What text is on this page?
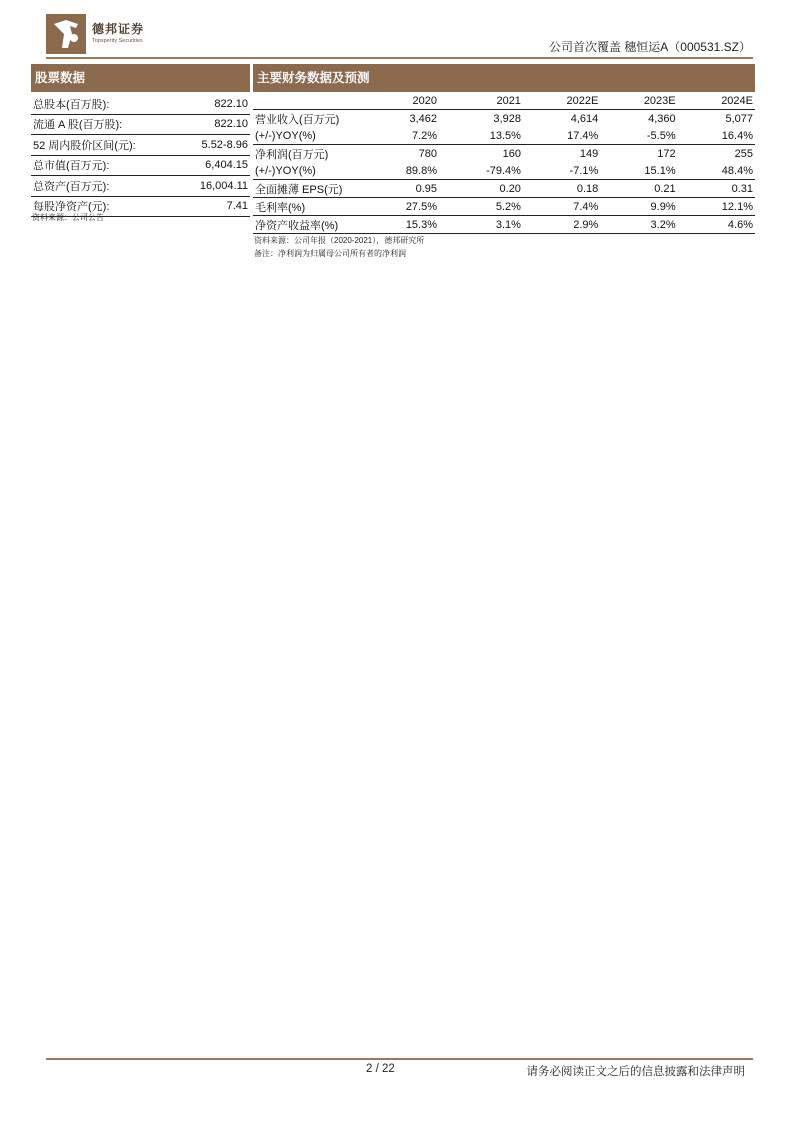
德邦证券
Topsperity Securities	公司首次覆盖 穗恒运A（000531.SZ）
股票数据	主要财务数据及预测
总股本(百万股):	822.10
流通 A 股(百万股):	822.10
52 周内股价区间(元):	5.52-8.96
总市值(百万元):	6,404.15
总资产(百万元):	16,004.11
每股净资产(元):	7.41
资料来源：公司公告
	2020	2021	2022E	2023E	2024E
营业收入(百万元)	3,462	3,928	4,614	4,360	5,077
(+/-)YOY(%)	7.2%	13.5%	17.4%	-5.5%	16.4%
净利润(百万元)	780	160	149	172	255
(+/-)YOY(%)	89.8%	-79.4%	-7.1%	15.1%	48.4%
全面摊薄 EPS(元)	0.95	0.20	0.18	0.21	0.31
毛利率(%)	27.5%	5.2%	7.4%	9.9%	12.1%
净资产收益率(%)	15.3%	3.1%	2.9%	3.2%	4.6%
资料来源：公司年报（2020-2021），德邦研究所
备注：净利润为归属母公司所有者的净利润
2 / 22	请务必阅读正文之后的信息披露和法律声明
